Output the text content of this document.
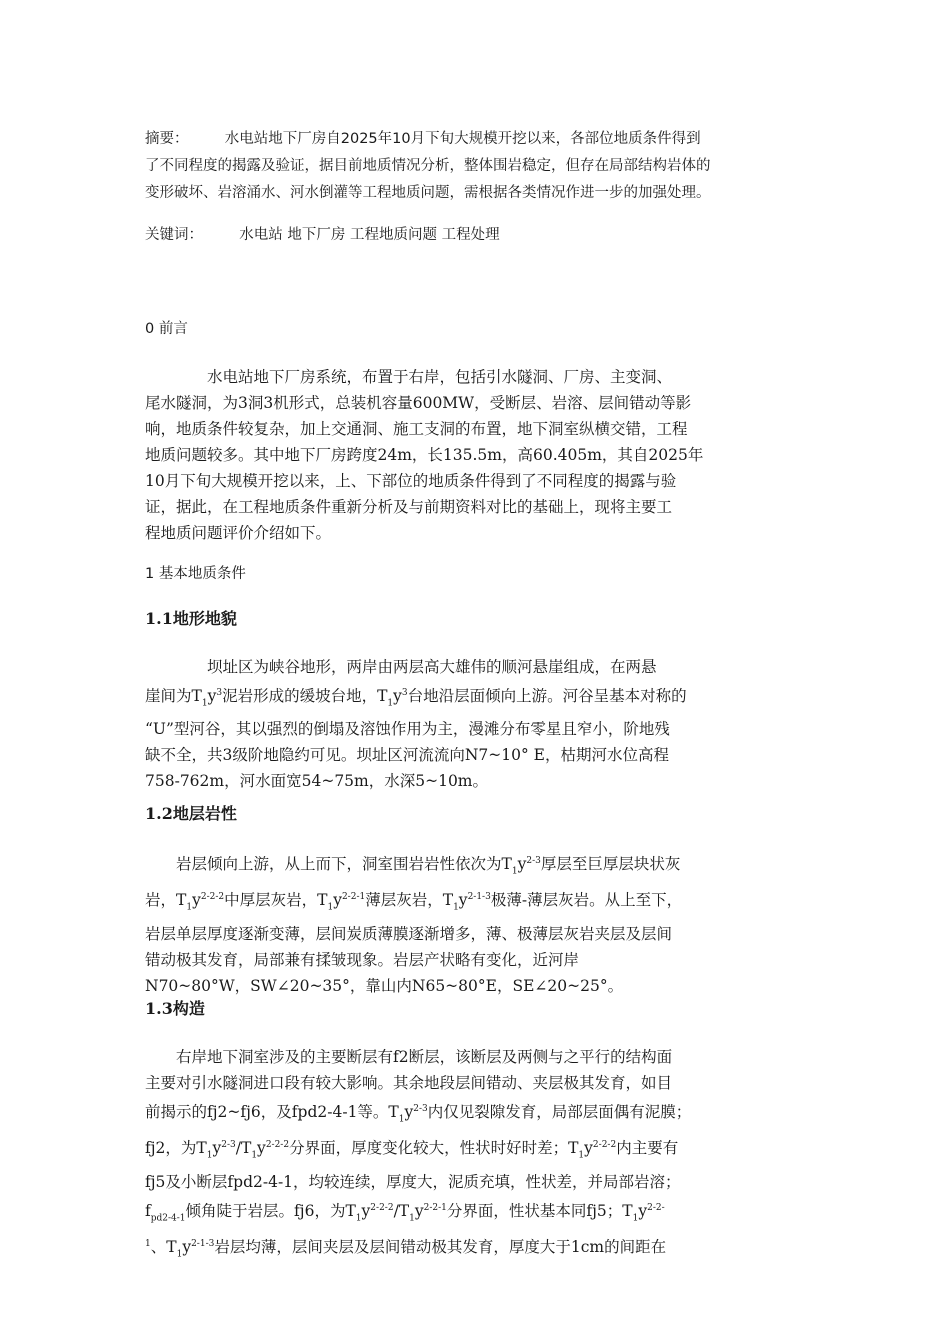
摘要：　　　水电站地下厂房自2025年10月下旬大规模开挖以来，各部位地质条件得到
了不同程度的揭露及验证，据目前地质情况分析，整体围岩稳定，但存在局部结构岩体的
变形破坏、岩溶涌水、河水倒灌等工程地质问题，需根据各类情况作进一步的加强处理。
关键词：　　　水电站 地下厂房 工程地质问题 工程处理
0 前言
　　　　水电站地下厂房系统，布置于右岸，包括引水隧洞、厂房、主变洞、
尾水隧洞，为3洞3机形式，总装机容量600MW，受断层、岩溶、层间错动等影
响，地质条件较复杂，加上交通洞、施工支洞的布置，地下洞室纵横交错，工程
地质问题较多。其中地下厂房跨度24m，长135.5m，高60.405m，其自2025年
10月下旬大规模开挖以来，上、下部位的地质条件得到了不同程度的揭露与验
证，据此，在工程地质条件重新分析及与前期资料对比的基础上，现将主要工
程地质问题评价介绍如下。
1 基本地质条件
1.1地形地貌
　　　　坝址区为峡谷地形，两岸由两层高大雄伟的顺河悬崖组成，在两悬
崖间为$T_1y^3$泥岩形成的缓坡台地，$T_1y^3$台地沿层面倾向上游。河谷呈基本对称的
“U”型河谷，其以强烈的倒塌及溶蚀作用为主，漫滩分布零星且窄小，阶地残
缺不全，共3级阶地隐约可见。坝址区河流流向N7~10° E，枯期河水位高程
758-762m，河水面宽54~75m，水深5~10m。
1.2地层岩性
　　岩层倾向上游，从上而下，洞室围岩岩性依次为$T_1y^{2-3}$厚层至巨厚层块状灰
岩，$T_1y^{2-2-2}$中厚层灰岩，$T_1y^{2-2-1}$薄层灰岩，$T_1y^{2-1-3}$极薄-薄层灰岩。从上至下，
岩层单层厚度逐渐变薄，层间炭质薄膜逐渐增多，薄、极薄层灰岩夹层及层间
错动极其发育，局部兼有揉皱现象。岩层产状略有变化，近河岸
N70~80°W，SW∠20~35°，靠山内N65~80°E，SE∠20~25°。
1.3构造
　　右岸地下洞室涉及的主要断层有f2断层，该断层及两侧与之平行的结构面
主要对引水隧洞进口段有较大影响。其余地段层间错动、夹层极其发育，如目
前揭示的fj2~fj6，及fpd2-4-1等。$T_1y^{2-3}$内仅见裂隙发育，局部层面偶有泥膜；
fj2，为$T_1y^{2-3}/T_1y^{2-2-2}$分界面，厚度变化较大，性状时好时差；$T_1y^{2-2-2}$内主要有
fj5及小断层fpd2-4-1，均较连续，厚度大，泥质充填，性状差，并局部岩溶；
$f_{pd2-4-1}$倾角陡于岩层。fj6，为$T_1y^{2-2-2}/T_1y^{2-2-1}$分界面，性状基本同fj5；$T_1y^{2-2-}$
$^1$、$T_1y^{2-1-3}$岩层均薄，层间夹层及层间错动极其发育，厚度大于1cm的间距在
